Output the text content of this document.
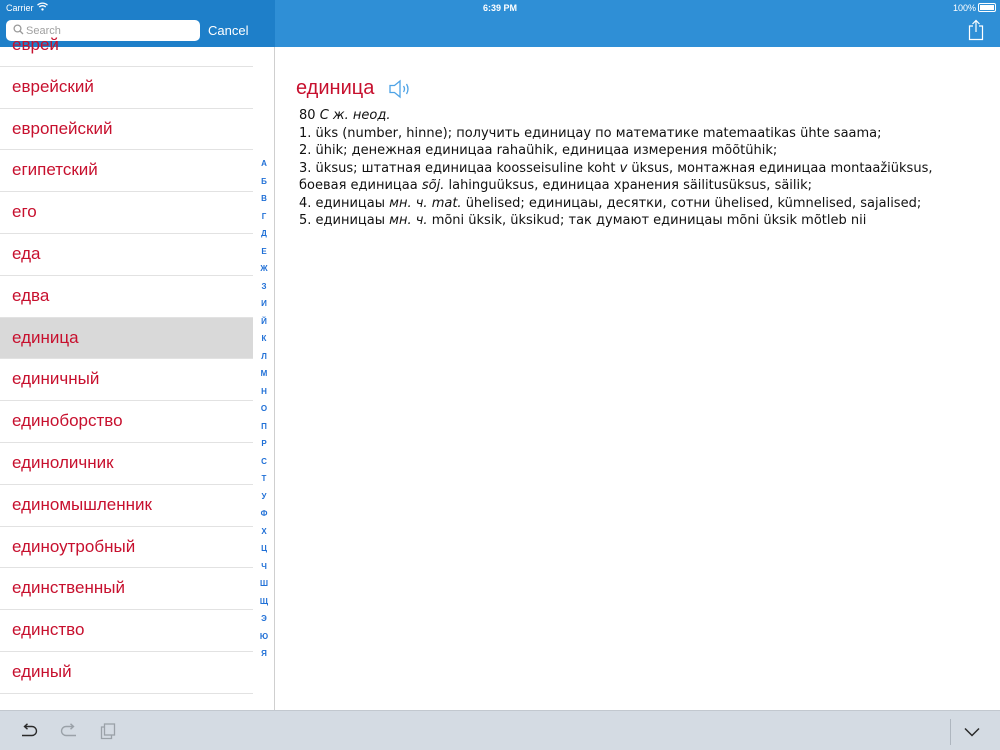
Carrier	6:39 PM	100%
Search
Cancel
еврей
еврейский
европейский
египетский
его
еда
едва
единица
единичный
единоборство
единоличник
единомышленник
единоутробный
единственный
единство
единый
А
Б
В
Г
Д
Е
Ж
З
И
Й
К
Л
М
Н
О
П
Р
С
Т
У
Ф
Х
Ц
Ч
Ш
Щ
Э
Ю
Я
единица
80 С ж. неод.
1. üks (number, hinne); получить единицау по математике matemaatikas ühte saama;
2. ühik; денежная единицаа rahaühik, единицаа измерения mõõtühik;
3. üksus; штатная единицаа koosseisuline koht v üksus, монтажная единицаа montaažiüksus, боевая единицаа sõj. lahinguüksus, единицаа хранения säilitusüksus, säilik;
4. единицаы мн. ч. mat. ühelised; единицаы, десятки, сотни ühelised, kümnelised, sajalised;
5. единицаы мн. ч. mõni üksik, üksikud; так думают единицаы mõni üksik mõtleb nii
